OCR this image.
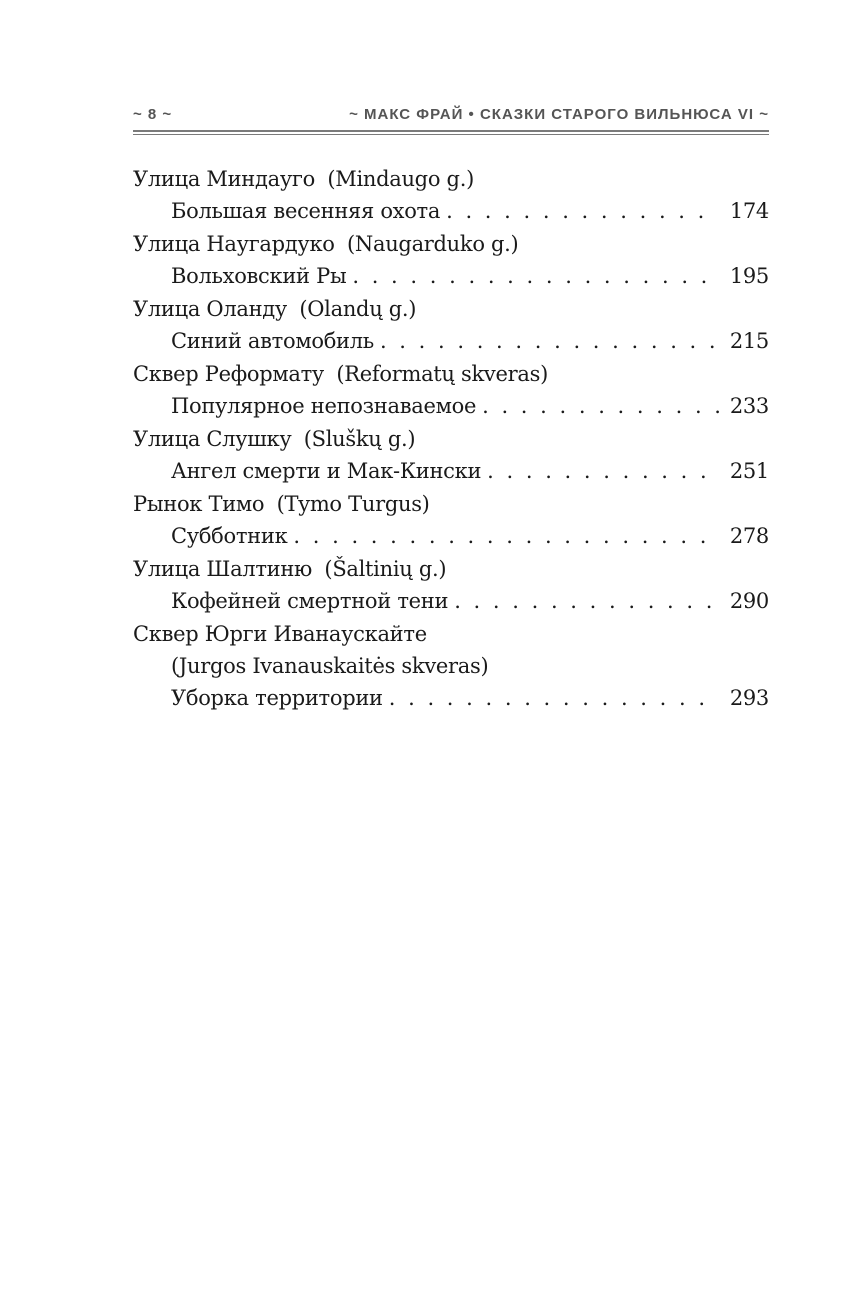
~ 8 ~	~ МАКС ФРАЙ • СКАЗКИ СТАРОГО ВИЛЬНЮСА VI ~
Улица Миндауго (Mindaugo g.)
Большая весенняя охота . . .	174
Улица Наугардуко (Naugarduko g.)
Вольховский Ры . . .	195
Улица Оланду (Olandų g.)
Синий автомобиль . . .	215
Сквер Реформату (Reformatų skveras)
Популярное непознаваемое . . .	233
Улица Слушку (Sluškų g.)
Ангел смерти и Мак-Кински . . .	251
Рынок Тимо (Tymo Turgus)
Субботник . . .	278
Улица Шалтиню (Šaltinių g.)
Кофейней смертной тени . . .	290
Сквер Юрги Иванаускайте
(Jurgos Ivanauskaitės skveras)
Уборка территории . . .	293
